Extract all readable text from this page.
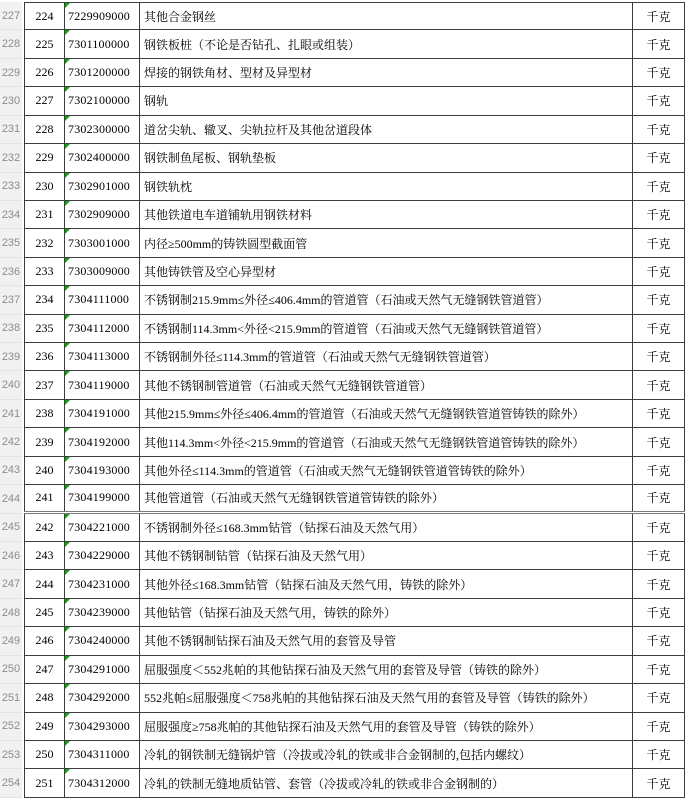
227	224	7229909000	其他合金钢丝	千克
228	225	7301100000	钢铁板桩（不论是否钻孔、扎眼或组装）	千克
229	226	7301200000	焊接的钢铁角材、型材及异型材	千克
230	227	7302100000	钢轨	千克
231	228	7302300000	道岔尖轨、辙叉、尖轨拉杆及其他岔道段体	千克
232	229	7302400000	钢铁制鱼尾板、钢轨垫板	千克
233	230	7302901000	钢铁轨枕	千克
234	231	7302909000	其他铁道电车道铺轨用钢铁材料	千克
235	232	7303001000	内径≥500mm的铸铁圆型截面管	千克
236	233	7303009000	其他铸铁管及空心异型材	千克
237	234	7304111000	不锈钢制215.9mm≤外径≤406.4mm的管道管（石油或天然气无缝钢铁管道管）	千克
238	235	7304112000	不锈钢制114.3mm<外径<215.9mm的管道管（石油或天然气无缝钢铁管道管）	千克
239	236	7304113000	不锈钢制外径≤114.3mm的管道管（石油或天然气无缝钢铁管道管）	千克
240	237	7304119000	其他不锈钢制管道管（石油或天然气无缝钢铁管道管）	千克
241	238	7304191000	其他215.9mm≤外径≤406.4mm的管道管（石油或天然气无缝钢铁管道管铸铁的除外）	千克
242	239	7304192000	其他114.3mm<外径<215.9mm的管道管（石油或天然气无缝钢铁管道管铸铁的除外）	千克
243	240	7304193000	其他外径≤114.3mm的管道管（石油或天然气无缝钢铁管道管铸铁的除外）	千克
244	241	7304199000	其他管道管（石油或天然气无缝钢铁管道管铸铁的除外）	千克
245	242	7304221000	不锈钢制外径≤168.3mm钻管（钻探石油及天然气用）	千克
246	243	7304229000	其他不锈钢制钻管（钻探石油及天然气用）	千克
247	244	7304231000	其他外径≤168.3mm钻管（钻探石油及天然气用，铸铁的除外）	千克
248	245	7304239000	其他钻管（钻探石油及天然气用，铸铁的除外）	千克
249	246	7304240000	其他不锈钢制钻探石油及天然气用的套管及导管	千克
250	247	7304291000	屈服强度＜552兆帕的其他钻探石油及天然气用的套管及导管（铸铁的除外）	千克
251	248	7304292000	552兆帕≤屈服强度＜758兆帕的其他钻探石油及天然气用的套管及导管（铸铁的除外）	千克
252	249	7304293000	屈服强度≥758兆帕的其他钻探石油及天然气用的套管及导管（铸铁的除外）	千克
253	250	7304311000	冷轧的钢铁制无缝锅炉管（冷拔或冷轧的铁或非合金钢制的,包括内螺纹）	千克
254	251	7304312000	冷轧的铁制无缝地质钻管、套管（冷拔或冷轧的铁或非合金钢制的）	千克
